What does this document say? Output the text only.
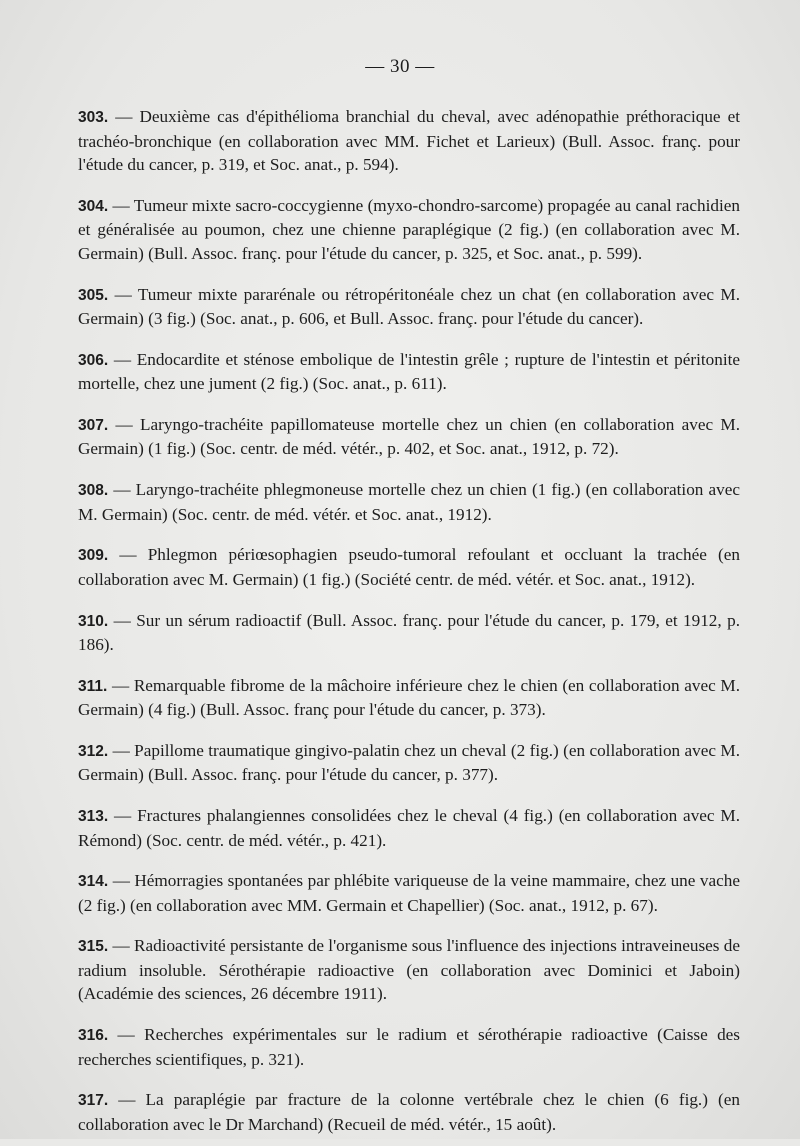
— 30 —

303. — Deuxième cas d'épithélioma branchial du cheval, avec adénopathie préthoracique et trachéo-bronchique (en collaboration avec MM. Fichet et Larieux) (Bull. Assoc. franç. pour l'étude du cancer, p. 319, et Soc. anat., p. 594).

304. — Tumeur mixte sacro-coccygienne (myxo-chondro-sarcome) propagée au canal rachidien et généralisée au poumon, chez une chienne paraplégique (2 fig.) (en collaboration avec M. Germain) (Bull. Assoc. franç. pour l'étude du cancer, p. 325, et Soc. anat., p. 599).

305. — Tumeur mixte pararénale ou rétropéritonéale chez un chat (en collaboration avec M. Germain) (3 fig.) (Soc. anat., p. 606, et Bull. Assoc. franç. pour l'étude du cancer).

306. — Endocardite et sténose embolique de l'intestin grêle ; rupture de l'intestin et péritonite mortelle, chez une jument (2 fig.) (Soc. anat., p. 611).

307. — Laryngo-trachéite papillomateuse mortelle chez un chien (en collaboration avec M. Germain) (1 fig.) (Soc. centr. de méd. vétér., p. 402, et Soc. anat., 1912, p. 72).

308. — Laryngo-trachéite phlegmoneuse mortelle chez un chien (1 fig.) (en collaboration avec M. Germain) (Soc. centr. de méd. vétér. et Soc. anat., 1912).

309. — Phlegmon périœsophagien pseudo-tumoral refoulant et occluant la trachée (en collaboration avec M. Germain) (1 fig.) (Société centr. de méd. vétér. et Soc. anat., 1912).

310. — Sur un sérum radioactif (Bull. Assoc. franç. pour l'étude du cancer, p. 179, et 1912, p. 186).

311. — Remarquable fibrome de la mâchoire inférieure chez le chien (en collaboration avec M. Germain) (4 fig.) (Bull. Assoc. franç pour l'étude du cancer, p. 373).

312. — Papillome traumatique gingivo-palatin chez un cheval (2 fig.) (en collaboration avec M. Germain) (Bull. Assoc. franç. pour l'étude du cancer, p. 377).

313. — Fractures phalangiennes consolidées chez le cheval (4 fig.) (en collaboration avec M. Rémond) (Soc. centr. de méd. vétér., p. 421).

314. — Hémorragies spontanées par phlébite variqueuse de la veine mammaire, chez une vache (2 fig.) (en collaboration avec MM. Germain et Chapellier) (Soc. anat., 1912, p. 67).

315. — Radioactivité persistante de l'organisme sous l'influence des injections intraveineuses de radium insoluble. Sérothérapie radioactive (en collaboration avec Dominici et Jaboin) (Académie des sciences, 26 décembre 1911).

316. — Recherches expérimentales sur le radium et sérothérapie radioactive (Caisse des recherches scientifiques, p. 321).

317. — La paraplégie par fracture de la colonne vertébrale chez le chien (6 fig.) (en collaboration avec le Dr Marchand) (Recueil de méd. vétér., 15 août).
